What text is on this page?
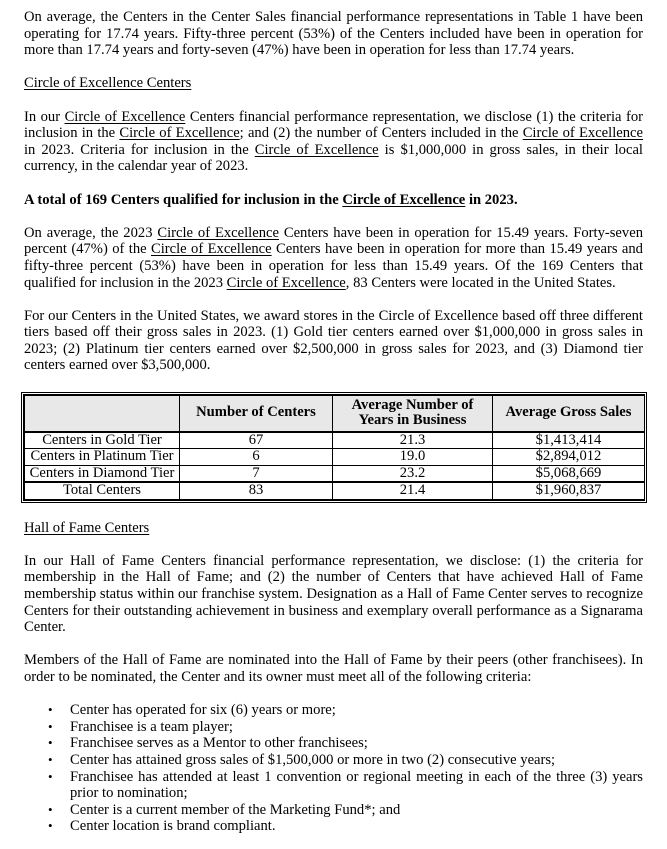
On average, the Centers in the Center Sales financial performance representations in Table 1 have been operating for 17.74 years. Fifty-three percent (53%) of the Centers included have been in operation for more than 17.74 years and forty-seven (47%) have been in operation for less than 17.74 years.

Circle of Excellence Centers

In our Circle of Excellence Centers financial performance representation, we disclose (1) the criteria for inclusion in the Circle of Excellence; and (2) the number of Centers included in the Circle of Excellence in 2023. Criteria for inclusion in the Circle of Excellence is $1,000,000 in gross sales, in their local currency, in the calendar year of 2023.

A total of 169 Centers qualified for inclusion in the Circle of Excellence in 2023.

On average, the 2023 Circle of Excellence Centers have been in operation for 15.49 years. Forty-seven percent (47%) of the Circle of Excellence Centers have been in operation for more than 15.49 years and fifty-three percent (53%) have been in operation for less than 15.49 years. Of the 169 Centers that qualified for inclusion in the 2023 Circle of Excellence, 83 Centers were located in the United States.

For our Centers in the United States, we award stores in the Circle of Excellence based off three different tiers based off their gross sales in 2023. (1) Gold tier centers earned over $1,000,000 in gross sales in 2023; (2) Platinum tier centers earned over $2,500,000 in gross sales for 2023, and (3) Diamond tier centers earned over $3,500,000.

	Number of Centers	Average Number of Years in Business	Average Gross Sales
Centers in Gold Tier	67	21.3	$1,413,414
Centers in Platinum Tier	6	19.0	$2,894,012
Centers in Diamond Tier	7	23.2	$5,068,669
Total Centers	83	21.4	$1,960,837

Hall of Fame Centers

In our Hall of Fame Centers financial performance representation, we disclose: (1) the criteria for membership in the Hall of Fame; and (2) the number of Centers that have achieved Hall of Fame membership status within our franchise system. Designation as a Hall of Fame Center serves to recognize Centers for their outstanding achievement in business and exemplary overall performance as a Signarama Center.

Members of the Hall of Fame are nominated into the Hall of Fame by their peers (other franchisees). In order to be nominated, the Center and its owner must meet all of the following criteria:

• Center has operated for six (6) years or more;
• Franchisee is a team player;
• Franchisee serves as a Mentor to other franchisees;
• Center has attained gross sales of $1,500,000 or more in two (2) consecutive years;
• Franchisee has attended at least 1 convention or regional meeting in each of the three (3) years prior to nomination;
• Center is a current member of the Marketing Fund*; and
• Center location is brand compliant.
